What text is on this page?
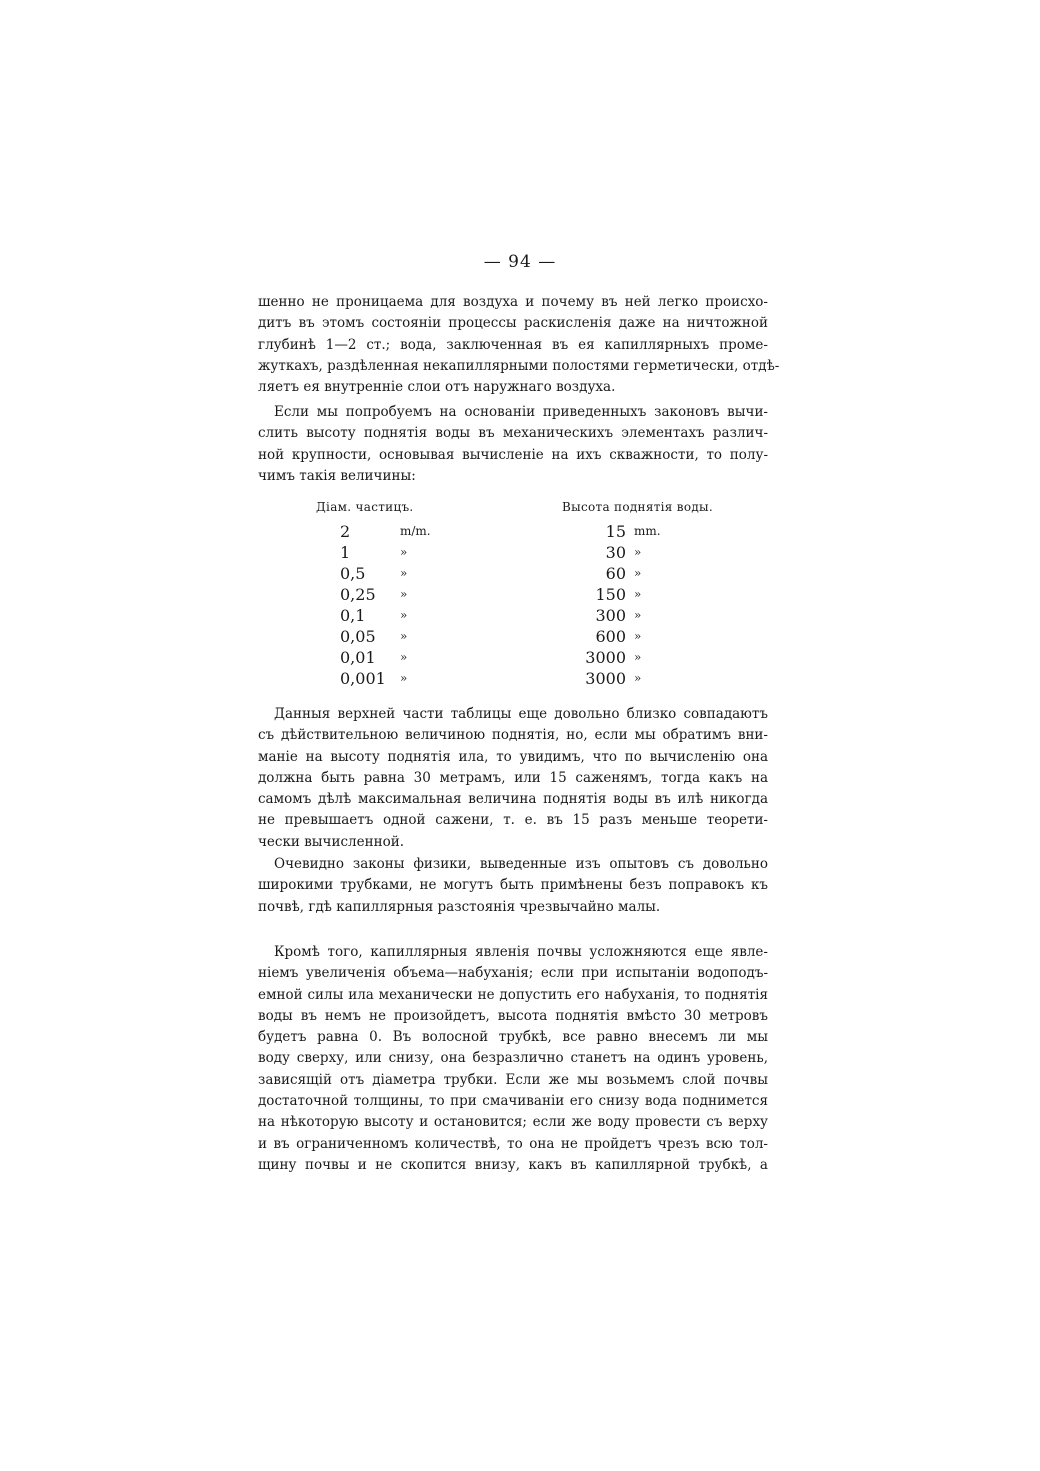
— 94 —
шенно не проницаема для воздуха и почему въ ней легко происхо-
дитъ въ этомъ состоянiи процессы раскисленiя даже на ничтожной
глубинѣ 1—2 ст.; вода, заключенная въ ея капиллярныхъ проме-
жуткахъ, раздѣленная некапиллярными полостями герметически, отдѣ-
ляетъ ея внутреннiе слои отъ наружнаго воздуха.
Если мы попробуемъ на основанiи приведенныхъ законовъ вычи-
слить высоту поднятiя воды въ механическихъ элементахъ различ-
ной крупности, основывая вычисленiе на ихъ скважности, то полу-
чимъ такiя величины:
Дiам. частицъ.	Высота поднятiя воды.
2	m/m.	15 mm.
1	»	30 »
0,5	»	60 »
0,25 »	150 »
0,1	»	300 »
0,05 »	600 »
0,01 »	3000 »
0,001 »	3000 »
Данныя верхней части таблицы еще довольно близко совпадаютъ
съ дѣйствительною величиною поднятiя, но, если мы обратимъ вни-
манiе на высоту поднятiя ила, то увидимъ, что по вычисленiю она
должна быть равна 30 метрамъ, или 15 саженямъ, тогда какъ на
самомъ дѣлѣ максимальная величина поднятiя воды въ илѣ никогда
не превышаетъ одной сажени, т. е. въ 15 разъ меньше теорети-
чески вычисленной.
Очевидно законы физики, выведенные изъ опытовъ съ довольно
широкими трубками, не могутъ быть примѣнены безъ поправокъ къ
почвѣ, гдѣ капиллярныя разстоянiя чрезвычайно малы.
Кромѣ того, капиллярныя явленiя почвы усложняются еще явле-
нiемъ увеличенiя объема—набуханiя; если при испытанiи водоподъ-
емной силы ила механически не допустить его набуханiя, то поднятiя
воды въ немъ не произойдетъ, высота поднятiя вмѣсто 30 метровъ
будетъ равна 0. Въ волосной трубкѣ, все равно внесемъ ли мы
воду сверху, или снизу, она безразлично станетъ на одинъ уровень,
зависящiй отъ дiаметра трубки. Если же мы возьмемъ слой почвы
достаточной толщины, то при смачиванiи его снизу вода поднимется
на нѣкоторую высоту и остановится; если же воду провести съ верху
и въ ограниченномъ количествѣ, то она не пройдетъ чрезъ всю тол-
щину почвы и не скопится внизу, какъ въ капиллярной трубкѣ, а
